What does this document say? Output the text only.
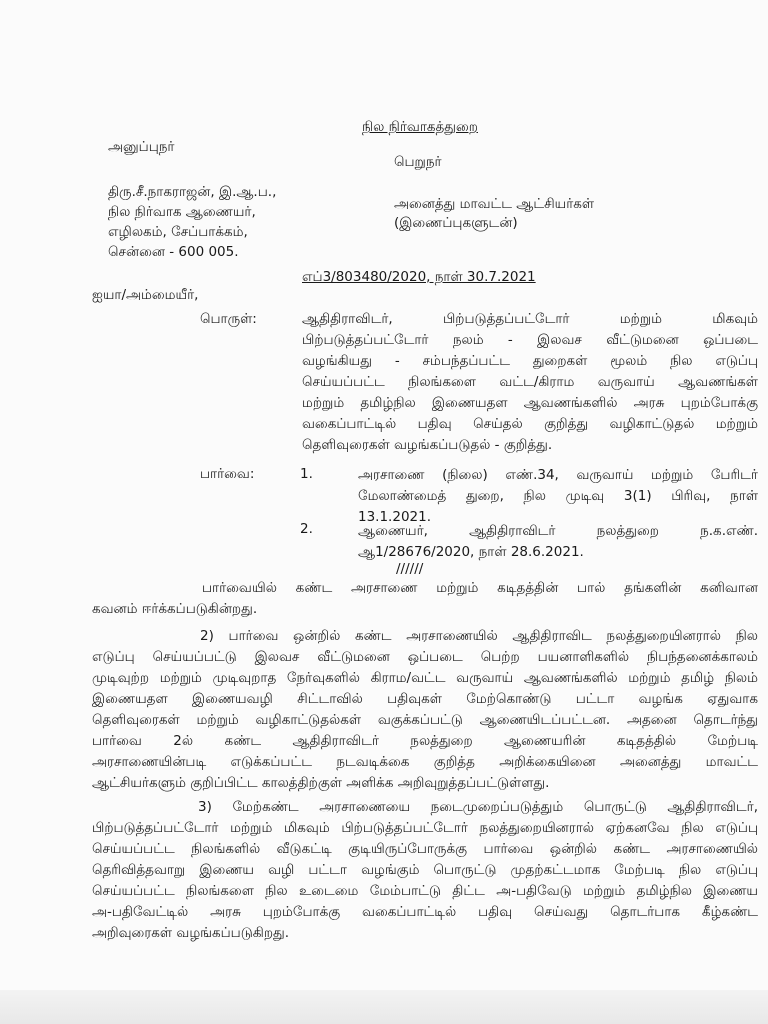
நில நிர்வாகத்துறை
அனுப்புநர்
பெறுநர்
திரு.சீ.நாகராஜன், இ.ஆ.ப.,
நில நிர்வாக ஆணையர்,
எழிலகம், சேப்பாக்கம்,
சென்னை - 600 005.
அனைத்து மாவட்ட ஆட்சியர்கள்
(இணைப்புகளுடன்)
எப்3/803480/2020, நாள் 30.7.2021
ஐயா/அம்மையீர்,
பொருள்:	ஆதிதிராவிடர், பிற்படுத்தப்பட்டோர் மற்றும் மிகவும்
பிற்படுத்தப்பட்டோர் நலம் - இலவச வீட்டுமனை ஒப்படை
வழங்கியது - சம்பந்தப்பட்ட துறைகள் மூலம் நில எடுப்பு
செய்யப்பட்ட நிலங்களை வட்ட/கிராம வருவாய் ஆவணங்கள்
மற்றும் தமிழ்நில இணையதள ஆவணங்களில் அரசு புறம்போக்கு
வகைப்பாட்டில் பதிவு செய்தல் குறித்து வழிகாட்டுதல் மற்றும்
தெளிவுரைகள் வழங்கப்படுதல் - குறித்து.
பார்வை:	1.	அரசாணை (நிலை) எண்.34, வருவாய் மற்றும் பேரிடர்
மேலாண்மைத் துறை, நில முடிவு 3(1) பிரிவு, நாள்
13.1.2021.
2.	ஆணையர், ஆதிதிராவிடர் நலத்துறை ந.க.எண்.
ஆ1/28676/2020, நாள் 28.6.2021.
//////
பார்வையில் கண்ட அரசாணை மற்றும் கடிதத்தின் பால் தங்களின் கனிவான
கவனம் ஈர்க்கப்படுகின்றது.
2) பார்வை ஒன்றில் கண்ட அரசாணையில் ஆதிதிராவிட நலத்துறையினரால் நில
எடுப்பு செய்யப்பட்டு இலவச வீட்டுமனை ஒப்படை பெற்ற பயனாளிகளில் நிபந்தனைக்காலம்
முடிவுற்ற மற்றும் முடிவுறாத நேர்வுகளில் கிராம/வட்ட வருவாய் ஆவணங்களில் மற்றும் தமிழ் நிலம்
இணையதள இணையவழி சிட்டாவில் பதிவுகள் மேற்கொண்டு பட்டா வழங்க ஏதுவாக
தெளிவுரைகள் மற்றும் வழிகாட்டுதல்கள் வகுக்கப்பட்டு ஆணையிடப்பட்டன. அதனை தொடர்ந்து
பார்வை 2ல் கண்ட ஆதிதிராவிடர் நலத்துறை ஆணையரின் கடிதத்தில் மேற்படி
அரசாணையின்படி எடுக்கப்பட்ட நடவடிக்கை குறித்த அறிக்கையினை அனைத்து மாவட்ட
ஆட்சியர்களும் குறிப்பிட்ட காலத்திற்குள் அளிக்க அறிவுறுத்தப்பட்டுள்ளது.
3) மேற்கண்ட அரசாணையை நடைமுறைப்படுத்தும் பொருட்டு ஆதிதிராவிடர்,
பிற்படுத்தப்பட்டோர் மற்றும் மிகவும் பிற்படுத்தப்பட்டோர் நலத்துறையினரால் ஏற்கனவே நில எடுப்பு
செய்யப்பட்ட நிலங்களில் வீடுகட்டி குடியிருப்போருக்கு பார்வை ஒன்றில் கண்ட அரசாணையில்
தெரிவித்தவாறு இணைய வழி பட்டா வழங்கும் பொருட்டு முதற்கட்டமாக மேற்படி நில எடுப்பு
செய்யப்பட்ட நிலங்களை நில உடைமை மேம்பாட்டு திட்ட அ-பதிவேடு மற்றும் தமிழ்நில இணைய
அ-பதிவேட்டில் அரசு புறம்போக்கு வகைப்பாட்டில் பதிவு செய்வது தொடர்பாக கீழ்கண்ட
அறிவுரைகள் வழங்கப்படுகிறது.
